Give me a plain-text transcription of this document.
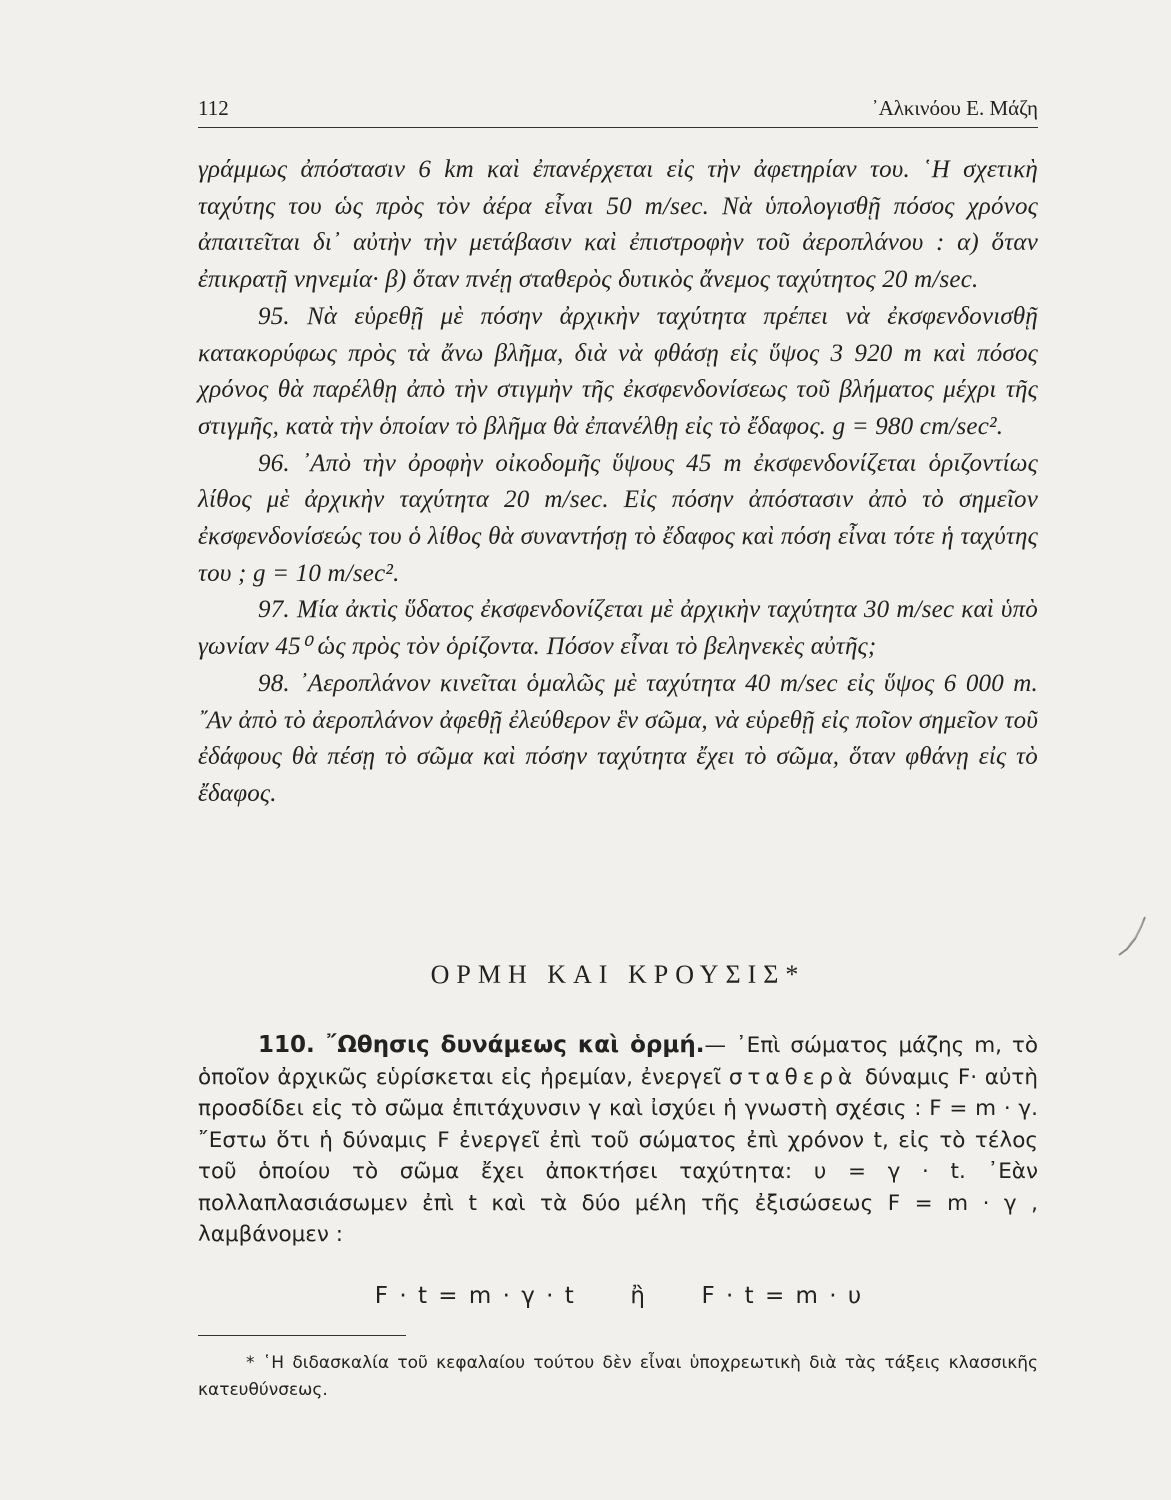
112	᾿Αλκινόου Ε. Μάζη

γράμμως ἀπόστασιν 6 km καὶ ἐπανέρχεται εἰς τὴν ἀφετηρίαν του. ῾Η σχετικὴ ταχύτης του ὡς πρὸς τὸν ἀέρα εἶναι 50 m/sec. Νὰ ὑπολογισθῇ πόσος χρόνος ἀπαιτεῖται δι᾿ αὐτὴν τὴν μετάβασιν καὶ ἐπιστροφὴν τοῦ ἀεροπλάνου : α) ὅταν ἐπικρατῇ νηνεμία· β) ὅταν πνέῃ σταθερὸς δυτικὸς ἄνεμος ταχύτητος 20 m/sec.

95. Νὰ εὑρεθῇ μὲ πόσην ἀρχικὴν ταχύτητα πρέπει νὰ ἐκσφενδονισθῇ κατακορύφως πρὸς τὰ ἄνω βλῆμα, διὰ νὰ φθάσῃ εἰς ὕψος 3 920 m καὶ πόσος χρόνος θὰ παρέλθῃ ἀπὸ τὴν στιγμὴν τῆς ἐκσφενδονίσεως τοῦ βλήματος μέχρι τῆς στιγμῆς, κατὰ τὴν ὁποίαν τὸ βλῆμα θὰ ἐπανέλθῃ εἰς τὸ ἔδαφος. g = 980 cm/sec².

96. ᾿Απὸ τὴν ὀροφὴν οἰκοδομῆς ὕψους 45 m ἐκσφενδονίζεται ὁριζοντίως λίθος μὲ ἀρχικὴν ταχύτητα 20 m/sec. Εἰς πόσην ἀπόστασιν ἀπὸ τὸ σημεῖον ἐκσφενδονίσεώς του ὁ λίθος θὰ συναντήσῃ τὸ ἔδαφος καὶ πόση εἶναι τότε ἡ ταχύτης του ; g = 10 m/sec².

97. Μία ἀκτὶς ὕδατος ἐκσφενδονίζεται μὲ ἀρχικὴν ταχύτητα 30 m/sec καὶ ὑπὸ γωνίαν 45⁰ ὡς πρὸς τὸν ὁρίζοντα. Πόσον εἶναι τὸ βεληνεκὲς αὐτῆς;

98. ᾿Αεροπλάνον κινεῖται ὁμαλῶς μὲ ταχύτητα 40 m/sec εἰς ὕψος 6 000 m. ῎Αν ἀπὸ τὸ ἀεροπλάνον ἀφεθῇ ἐλεύθερον ἓν σῶμα, νὰ εὑρεθῇ εἰς ποῖον σημεῖον τοῦ ἐδάφους θὰ πέσῃ τὸ σῶμα καὶ πόσην ταχύτητα ἔχει τὸ σῶμα, ὅταν φθάνῃ εἰς τὸ ἔδαφος.

ΟΡΜΗ ΚΑΙ ΚΡΟΥΣΙΣ*

110. ῎Ωθησις δυνάμεως καὶ ὁρμή.— ᾿Επὶ σώματος μάζης m, τὸ ὁποῖον ἀρχικῶς εὑρίσκεται εἰς ἠρεμίαν, ἐνεργεῖ σταθερὰ δύναμις F· αὐτὴ προσδίδει εἰς τὸ σῶμα ἐπιτάχυνσιν γ καὶ ἰσχύει ἡ γνωστὴ σχέσις : F = m · γ. ῎Εστω ὅτι ἡ δύναμις F ἐνεργεῖ ἐπὶ τοῦ σώματος ἐπὶ χρόνον t, εἰς τὸ τέλος τοῦ ὁποίου τὸ σῶμα ἔχει ἀποκτήσει ταχύτητα: υ = γ · t. ᾿Εὰν πολλαπλασιάσωμεν ἐπὶ t καὶ τὰ δύο μέλη τῆς ἐξισώσεως F = m · γ , λαμβάνομεν :

F · t = m · γ · t     ἢ     F · t = m · υ

* ῾Η διδασκαλία τοῦ κεφαλαίου τούτου δὲν εἶναι ὑποχρεωτικὴ διὰ τὰς τάξεις κλασσικῆς κατευθύνσεως.
